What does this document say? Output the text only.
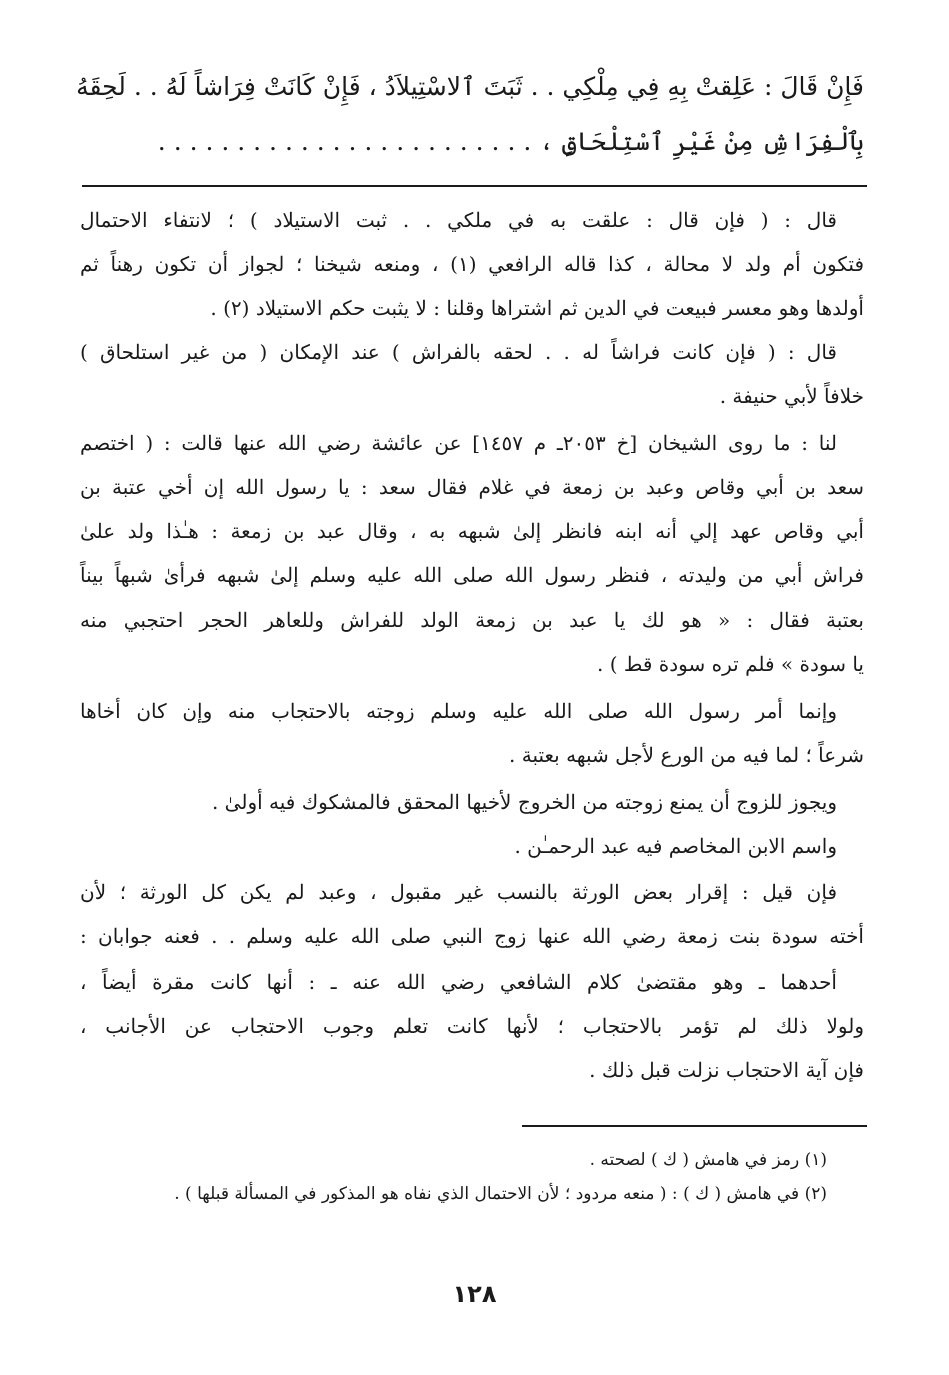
فَإِنْ قَالَ : عَلِقتْ بِهِ فِي مِلْكِي . . ثَبَتَ ٱلاسْتِيلاَدُ ، فَإِنْ كَانَتْ فِرَاشاً لَهُ . . لَحِقَهُ
بِٱلْفِرَاشِ مِنْ غَيْرِ ٱسْتِلْحَاقٍ ، . . . . . . . . . . . . . . . . . . . . . . . .
قال : ( فإن قال : علقت به في ملكي . . ثبت الاستيلاد ) ؛ لانتفاء الاحتمال
فتكون أم ولد لا محالة ، كذا قاله الرافعي (١) ، ومنعه شيخنا ؛ لجواز أن تكون رهناً ثم
أولدها وهو معسر فبيعت في الدين ثم اشتراها وقلنا : لا يثبت حكم الاستيلاد (٢) .
قال : ( فإن كانت فراشاً له . . لحقه بالفراش ) عند الإمكان ( من غير استلحاق )
خلافاً لأبي حنيفة .
لنا : ما روى الشيخان [خ ٢٠٥٣ـ م ١٤٥٧] عن عائشة رضي الله عنها قالت : ( اختصم
سعد بن أبي وقاص وعبد بن زمعة في غلام فقال سعد : يا رسول الله إن أخي عتبة بن
أبي وقاص عهد إلي أنه ابنه فانظر إلىٰ شبهه به ، وقال عبد بن زمعة : هـٰذا ولد علىٰ
فراش أبي من وليدته ، فنظر رسول الله صلى الله عليه وسلم إلىٰ شبهه فرأىٰ شبهاً بيناً
بعتبة فقال : « هو لك يا عبد بن زمعة الولد للفراش وللعاهر الحجر احتجبي منه
يا سودة » فلم تره سودة قط ) .
وإنما أمر رسول الله صلى الله عليه وسلم زوجته بالاحتجاب منه وإن كان أخاها
شرعاً ؛ لما فيه من الورع لأجل شبهه بعتبة .
ويجوز للزوج أن يمنع زوجته من الخروج لأخيها المحقق فالمشكوك فيه أولىٰ .
واسم الابن المخاصم فيه عبد الرحمـٰن .
فإن قيل : إقرار بعض الورثة بالنسب غير مقبول ، وعبد لم يكن كل الورثة ؛ لأن
أخته سودة بنت زمعة رضي الله عنها زوج النبي صلى الله عليه وسلم . . فعنه جوابان :
أحدهما ـ وهو مقتضىٰ كلام الشافعي رضي الله عنه ـ : أنها كانت مقرة أيضاً ،
ولولا ذلك لم تؤمر بالاحتجاب ؛ لأنها كانت تعلم وجوب الاحتجاب عن الأجانب ،
فإن آية الاحتجاب نزلت قبل ذلك .
(١) رمز في هامش ( ك ) لصحته .
(٢) في هامش ( ك ) : ( منعه مردود ؛ لأن الاحتمال الذي نفاه هو المذكور في المسألة قبلها ) .
١٢٨
